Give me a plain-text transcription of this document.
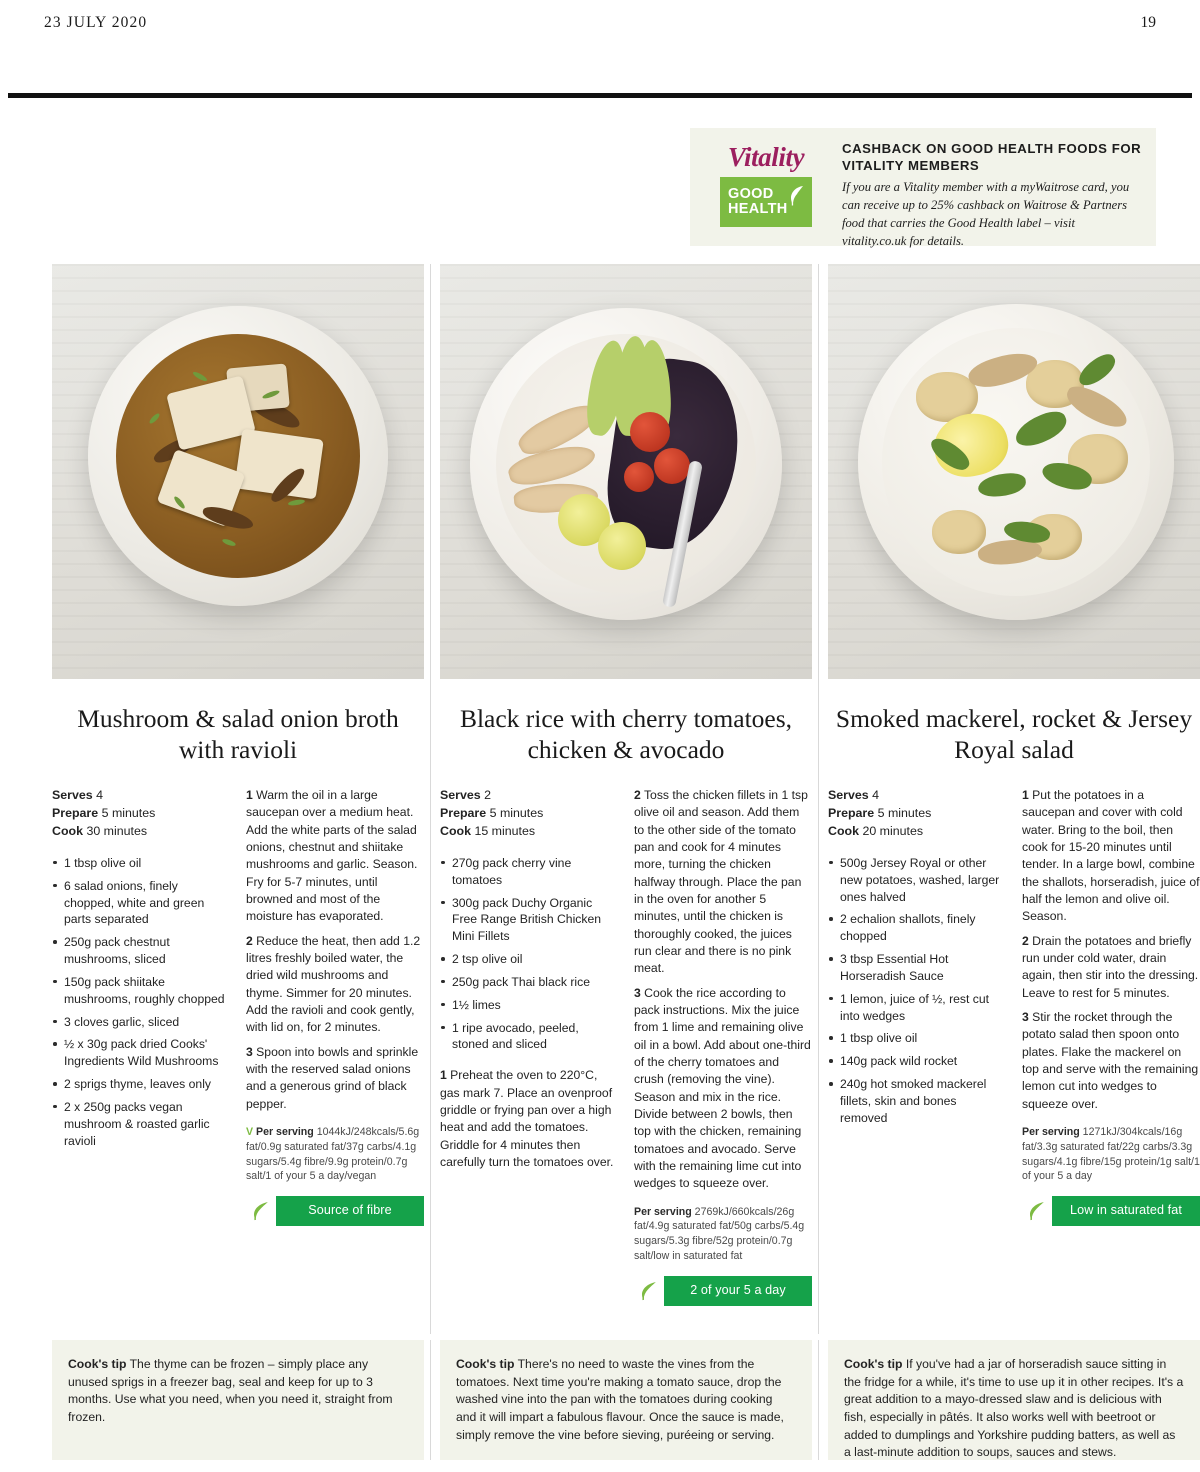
23 JULY 2020	19
Vitality
GOOD
HEALTH
CASHBACK ON GOOD HEALTH FOODS FOR VITALITY MEMBERS
If you are a Vitality member with a myWaitrose card, you can receive up to 25% cashback on Waitrose & Partners food that carries the Good Health label – visit vitality.co.uk for details.
Mushroom & salad onion broth with ravioli
Serves 4
Prepare 5 minutes
Cook 30 minutes
1 tbsp olive oil
6 salad onions, finely chopped, white and green parts separated
250g pack chestnut mushrooms, sliced
150g pack shiitake mushrooms, roughly chopped
3 cloves garlic, sliced
½ x 30g pack dried Cooks' Ingredients Wild Mushrooms
2 sprigs thyme, leaves only
2 x 250g packs vegan mushroom & roasted garlic ravioli

1 Warm the oil in a large saucepan over a medium heat. Add the white parts of the salad onions, chestnut and shiitake mushrooms and garlic. Season. Fry for 5-7 minutes, until browned and most of the moisture has evaporated.

2 Reduce the heat, then add 1.2 litres freshly boiled water, the dried wild mushrooms and thyme. Simmer for 20 minutes. Add the ravioli and cook gently, with lid on, for 2 minutes.

3 Spoon into bowls and sprinkle with the reserved salad onions and a generous grind of black pepper.

V Per serving 1044kJ/248kcals/5.6g fat/0.9g saturated fat/37g carbs/4.1g sugars/5.4g fibre/9.9g protein/0.7g salt/1 of your 5 a day/vegan
Source of fibre
Black rice with cherry tomatoes, chicken & avocado
Serves 2
Prepare 5 minutes
Cook 15 minutes
270g pack cherry vine tomatoes
300g pack Duchy Organic Free Range British Chicken Mini Fillets
2 tsp olive oil
250g pack Thai black rice
1½ limes
1 ripe avocado, peeled, stoned and sliced

1 Preheat the oven to 220°C, gas mark 7. Place an ovenproof griddle or frying pan over a high heat and add the tomatoes. Griddle for 4 minutes then carefully turn the tomatoes over.

2 Toss the chicken fillets in 1 tsp olive oil and season. Add them to the other side of the tomato pan and cook for 4 minutes more, turning the chicken halfway through. Place the pan in the oven for another 5 minutes, until the chicken is thoroughly cooked, the juices run clear and there is no pink meat.

3 Cook the rice according to pack instructions. Mix the juice from 1 lime and remaining olive oil in a bowl. Add about one-third of the cherry tomatoes and crush (removing the vine). Season and mix in the rice. Divide between 2 bowls, then top with the chicken, remaining tomatoes and avocado. Serve with the remaining lime cut into wedges to squeeze over.

Per serving 2769kJ/660kcals/26g fat/4.9g saturated fat/50g carbs/5.4g sugars/5.3g fibre/52g protein/0.7g salt/low in saturated fat
2 of your 5 a day
Smoked mackerel, rocket & Jersey Royal salad
Serves 4
Prepare 5 minutes
Cook 20 minutes
500g Jersey Royal or other new potatoes, washed, larger ones halved
2 echalion shallots, finely chopped
3 tbsp Essential Hot Horseradish Sauce
1 lemon, juice of ½, rest cut into wedges
1 tbsp olive oil
140g pack wild rocket
240g hot smoked mackerel fillets, skin and bones removed

1 Put the potatoes in a saucepan and cover with cold water. Bring to the boil, then cook for 15-20 minutes until tender. In a large bowl, combine the shallots, horseradish, juice of half the lemon and olive oil. Season.

2 Drain the potatoes and briefly run under cold water, drain again, then stir into the dressing. Leave to rest for 5 minutes.

3 Stir the rocket through the potato salad then spoon onto plates. Flake the mackerel on top and serve with the remaining lemon cut into wedges to squeeze over.

Per serving 1271kJ/304kcals/16g fat/3.3g saturated fat/22g carbs/3.3g sugars/4.1g fibre/15g protein/1g salt/1 of your 5 a day
Low in saturated fat
Cook's tip The thyme can be frozen – simply place any unused sprigs in a freezer bag, seal and keep for up to 3 months. Use what you need, when you need it, straight from frozen.
Cook's tip There's no need to waste the vines from the tomatoes. Next time you're making a tomato sauce, drop the washed vine into the pan with the tomatoes during cooking and it will impart a fabulous flavour. Once the sauce is made, simply remove the vine before sieving, puréeing or serving.
Cook's tip If you've had a jar of horseradish sauce sitting in the fridge for a while, it's time to use up it in other recipes. It's a great addition to a mayo-dressed slaw and is delicious with fish, especially in pâtés. It also works well with beetroot or added to dumplings and Yorkshire pudding batters, as well as a last-minute addition to soups, sauces and stews.
